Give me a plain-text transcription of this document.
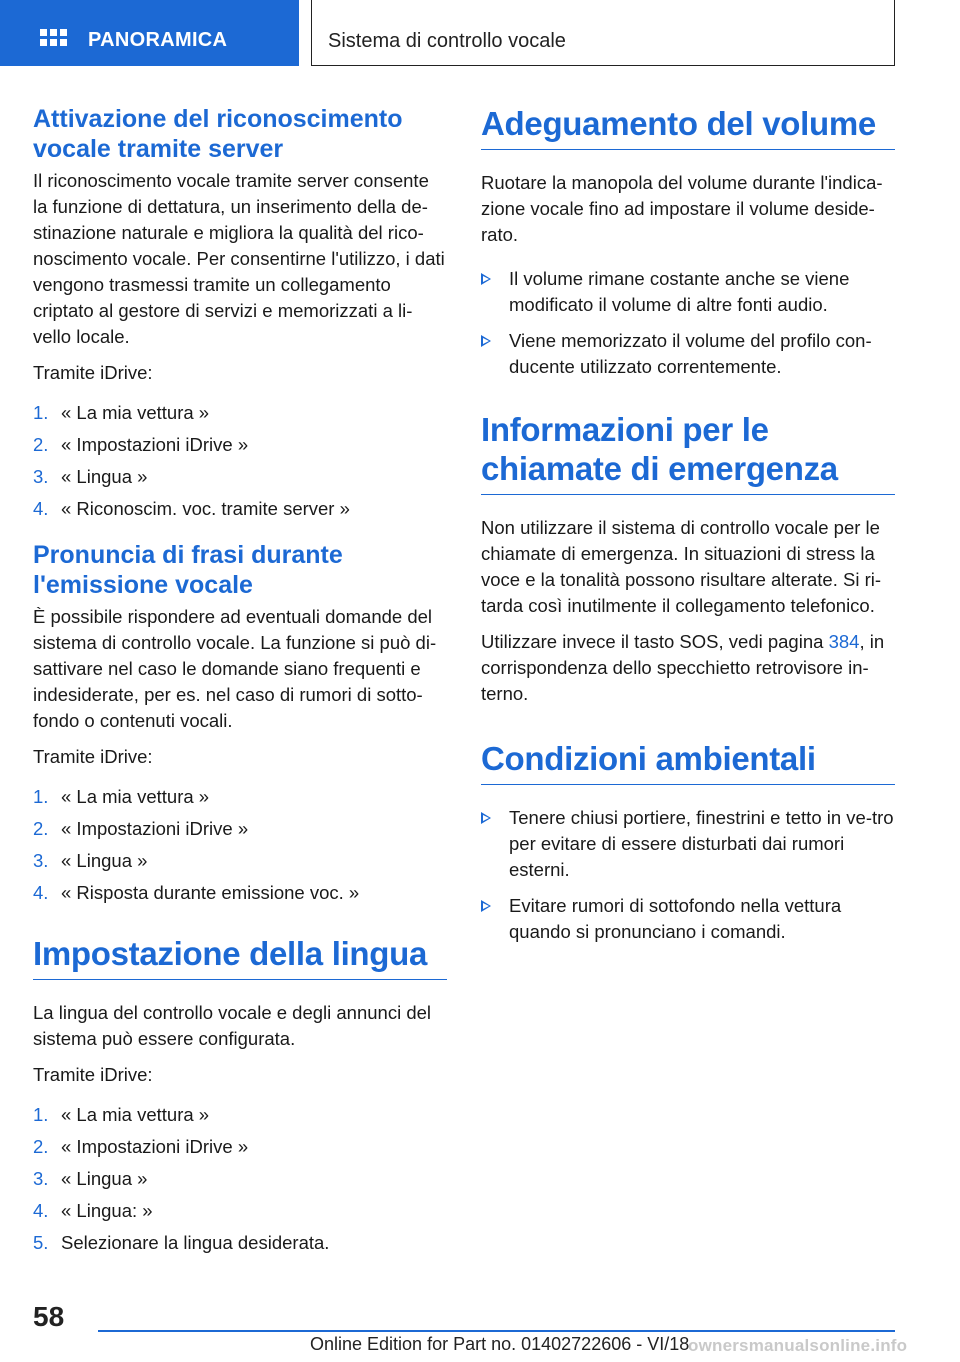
PANORAMICA	Sistema di controllo vocale
Attivazione del riconoscimento vocale tramite server
Il riconoscimento vocale tramite server consente la funzione di dettatura, un inserimento della de-stinazione naturale e migliora la qualità del rico-noscimento vocale. Per consentirne l'utilizzo, i dati vengono trasmessi tramite un collegamento criptato al gestore di servizi e memorizzati a li-vello locale.
Tramite iDrive:
1. « La mia vettura »
2. « Impostazioni iDrive »
3. « Lingua »
4. « Riconoscim. voc. tramite server »
Pronuncia di frasi durante l'emissione vocale
È possibile rispondere ad eventuali domande del sistema di controllo vocale. La funzione si può di-sattivare nel caso le domande siano frequenti e indesiderate, per es. nel caso di rumori di sotto-fondo o contenuti vocali.
Tramite iDrive:
1. « La mia vettura »
2. « Impostazioni iDrive »
3. « Lingua »
4. « Risposta durante emissione voc. »
Impostazione della lingua
La lingua del controllo vocale e degli annunci del sistema può essere configurata.
Tramite iDrive:
1. « La mia vettura »
2. « Impostazioni iDrive »
3. « Lingua »
4. « Lingua: »
5. Selezionare la lingua desiderata.
Adeguamento del volume
Ruotare la manopola del volume durante l'indica-zione vocale fino ad impostare il volume deside-rato.
Il volume rimane costante anche se viene modificato il volume di altre fonti audio.
Viene memorizzato il volume del profilo con-ducente utilizzato correntemente.
Informazioni per le chiamate di emergenza
Non utilizzare il sistema di controllo vocale per le chiamate di emergenza. In situazioni di stress la voce e la tonalità possono risultare alterate. Si ri-tarda così inutilmente il collegamento telefonico.
Utilizzare invece il tasto SOS, vedi pagina 384, in corrispondenza dello specchietto retrovisore in-terno.
Condizioni ambientali
Tenere chiusi portiere, finestrini e tetto in ve-tro per evitare di essere disturbati dai rumori esterni.
Evitare rumori di sottofondo nella vettura quando si pronunciano i comandi.
58
Online Edition for Part no. 01402722606 - VI/18
ownersmanualsonline.info
